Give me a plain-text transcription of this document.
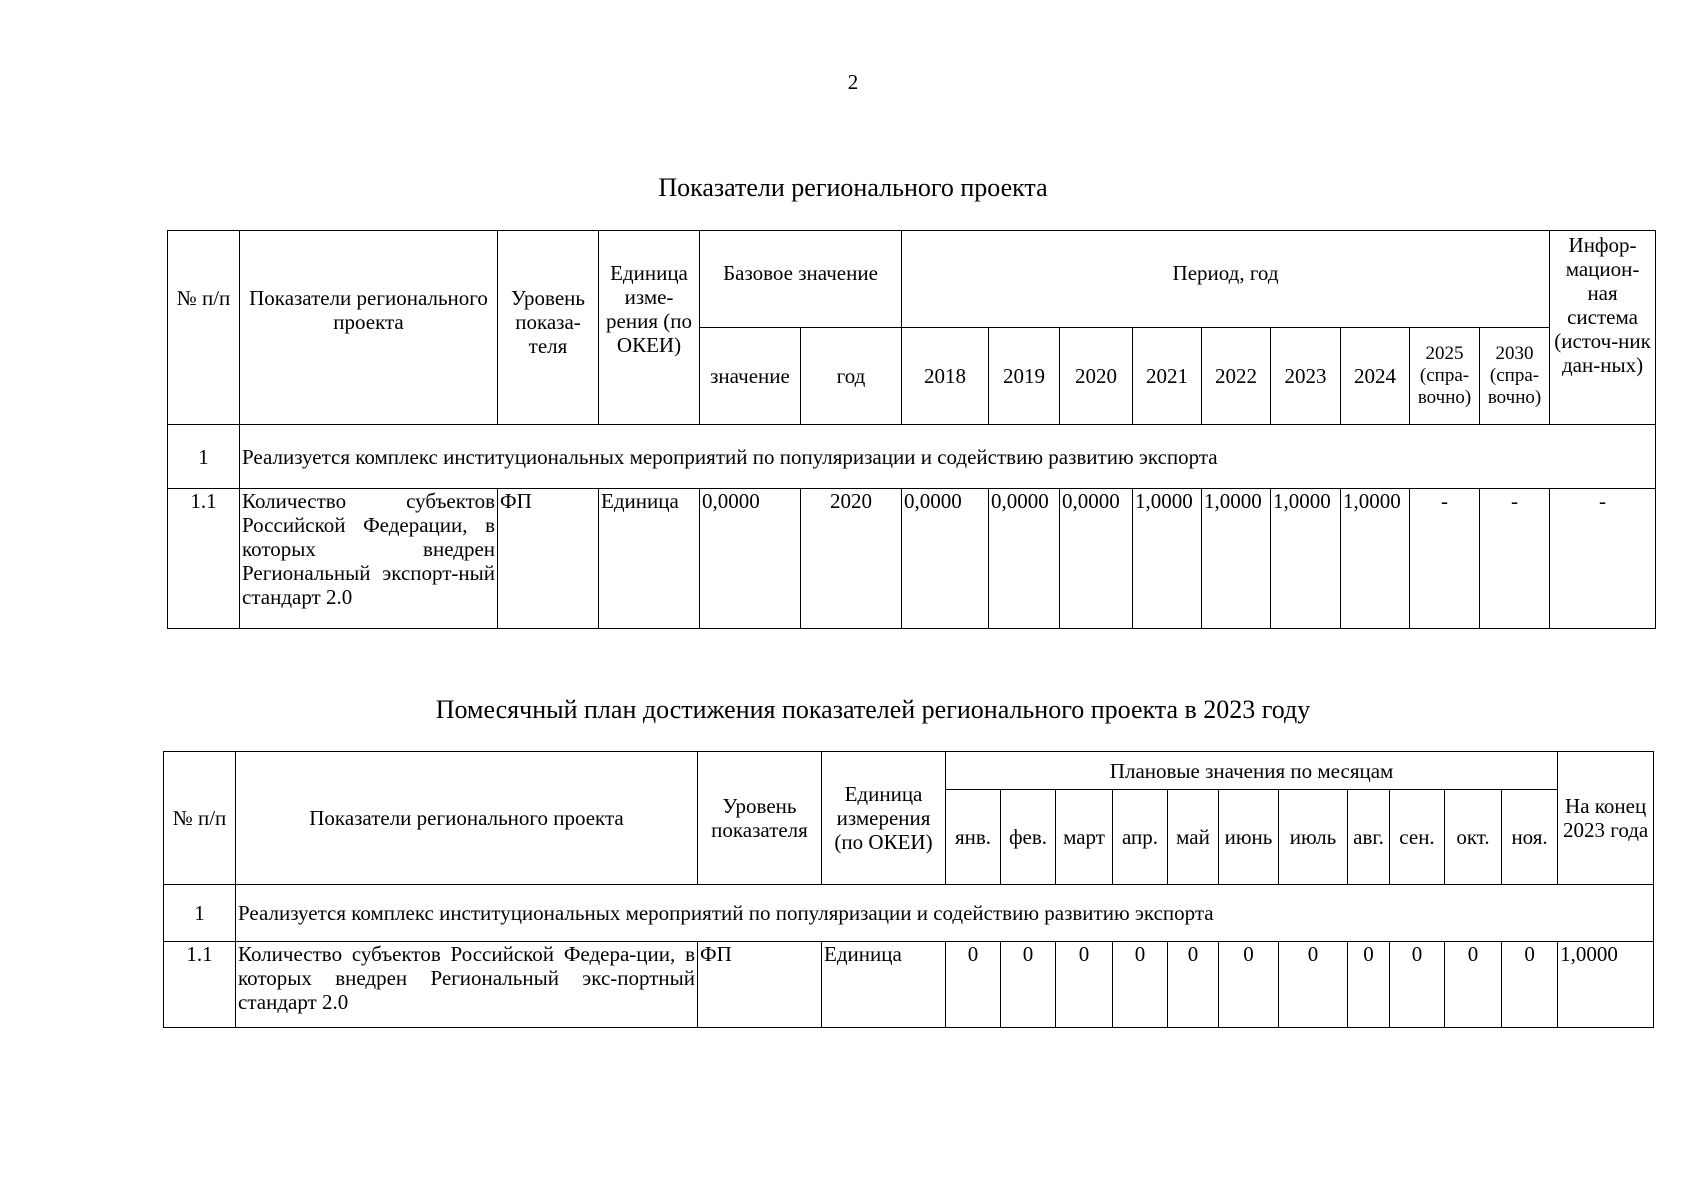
2
Показатели регионального проекта
№ п/п	Показатели регионального проекта	Уровень показа-теля	Единица изме-рения (по ОКЕИ)	Базовое значение		Период, год									Инфор-мацион-ная система (источ-ник дан-ных)
				значение	год	2018	2019	2020	2021	2022	2023	2024	2025 (спра-вочно)	2030 (спра-вочно)	
1	Реализуется комплекс институциональных мероприятий по популяризации и содействию развитию экспорта														
1.1	Количество субъектов Российской Федерации, в которых внедрен Региональный экспорт-ный стандарт 2.0	ФП	Единица	0,0000	2020	0,0000	0,0000	0,0000	1,0000	1,0000	1,0000	1,0000	-	-	-
Помесячный план достижения показателей регионального проекта в 2023 году
№ п/п	Показатели регионального проекта	Уровень показателя	Единица измерения (по ОКЕИ)	Плановые значения по месяцам											На конец 2023 года
				янв.	фев.	март	апр.	май	июнь	июль	авг.	сен.	окт.	ноя.	
1	Реализуется комплекс институциональных мероприятий по популяризации и содействию развитию экспорта														
1.1	Количество субъектов Российской Федера-ции, в которых внедрен Региональный экс-портный стандарт 2.0	ФП	Единица	0	0	0	0	0	0	0	0	0	0	0	1,0000
